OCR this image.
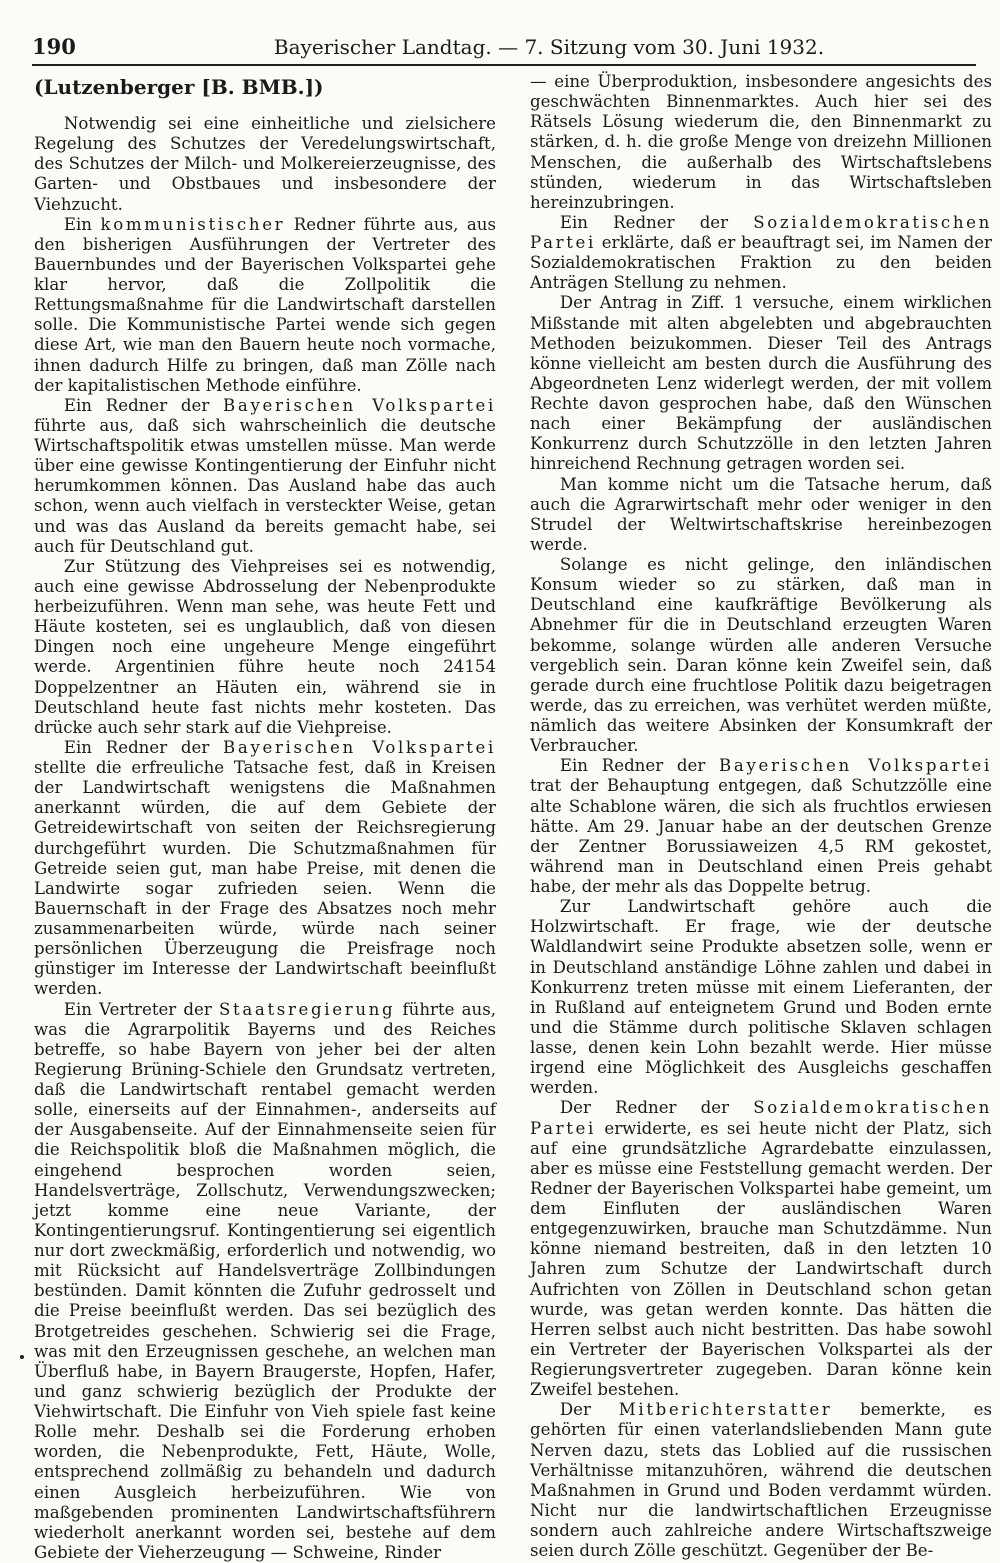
190	Bayerischer Landtag. — 7. Sitzung vom 30. Juni 1932.
(Lutzenberger [B. BMB.])

Notwendig sei eine einheitliche und zielsichere Regelung des Schutzes der Veredelungswirtschaft, des Schutzes der Milch- und Molkereierzeugnisse, des Garten- und Obstbaues und insbesondere der Viehzucht.

Ein kommunistischer Redner führte aus, aus den bisherigen Ausführungen der Vertreter des Bauernbundes und der Bayerischen Volkspartei gehe klar hervor, daß die Zollpolitik die Rettungsmaßnahme für die Landwirtschaft darstellen solle. Die Kommunistische Partei wende sich gegen diese Art, wie man den Bauern heute noch vormache, ihnen dadurch Hilfe zu bringen, daß man Zölle nach der kapitalistischen Methode einführe.

Ein Redner der Bayerischen Volkspartei führte aus, daß sich wahrscheinlich die deutsche Wirtschaftspolitik etwas umstellen müsse. Man werde über eine gewisse Kontingentierung der Einfuhr nicht herumkommen können. Das Ausland habe das auch schon, wenn auch vielfach in versteckter Weise, getan und was das Ausland da bereits gemacht habe, sei auch für Deutschland gut.

Zur Stützung des Viehpreises sei es notwendig, auch eine gewisse Abdrosselung der Nebenprodukte herbeizuführen. Wenn man sehe, was heute Fett und Häute kosteten, sei es unglaublich, daß von diesen Dingen noch eine ungeheure Menge eingeführt werde. Argentinien führe heute noch 24154 Doppelzentner an Häuten ein, während sie in Deutschland heute fast nichts mehr kosteten. Das drücke auch sehr stark auf die Viehpreise.

Ein Redner der Bayerischen Volkspartei stellte die erfreuliche Tatsache fest, daß in Kreisen der Landwirtschaft wenigstens die Maßnahmen anerkannt würden, die auf dem Gebiete der Getreidewirtschaft von seiten der Reichsregierung durchgeführt wurden. Die Schutzmaßnahmen für Getreide seien gut, man habe Preise, mit denen die Landwirte sogar zufrieden seien. Wenn die Bauernschaft in der Frage des Absatzes noch mehr zusammenarbeiten würde, würde nach seiner persönlichen Überzeugung die Preisfrage noch günstiger im Interesse der Landwirtschaft beeinflußt werden.

Ein Vertreter der Staatsregierung führte aus, was die Agrarpolitik Bayerns und des Reiches betreffe, so habe Bayern von jeher bei der alten Regierung Brüning-Schiele den Grundsatz vertreten, daß die Landwirtschaft rentabel gemacht werden solle, einerseits auf der Einnahmen-, anderseits auf der Ausgabenseite. Auf der Einnahmenseite seien für die Reichspolitik bloß die Maßnahmen möglich, die eingehend besprochen worden seien, Handelsverträge, Zollschutz, Verwendungszwecken; jetzt komme eine neue Variante, der Kontingentierungsruf. Kontingentierung sei eigentlich nur dort zweckmäßig, erforderlich und notwendig, wo mit Rücksicht auf Handelsverträge Zollbindungen bestünden. Damit könnten die Zufuhr gedrosselt und die Preise beeinflußt werden. Das sei bezüglich des Brotgetreides geschehen. Schwierig sei die Frage, was mit den Erzeugnissen geschehe, an welchen man Überfluß habe, in Bayern Braugerste, Hopfen, Hafer, und ganz schwierig bezüglich der Produkte der Viehwirtschaft. Die Einfuhr von Vieh spiele fast keine Rolle mehr. Deshalb sei die Forderung erhoben worden, die Nebenprodukte, Fett, Häute, Wolle, entsprechend zollmäßig zu behandeln und dadurch einen Ausgleich herbeizuführen. Wie von maßgebenden prominenten Landwirtschaftsführern wiederholt anerkannt worden sei, bestehe auf dem Gebiete der Vieherzeugung — Schweine, Rinder

— eine Überproduktion, insbesondere angesichts des geschwächten Binnenmarktes. Auch hier sei des Rätsels Lösung wiederum die, den Binnenmarkt zu stärken, d. h. die große Menge von dreizehn Millionen Menschen, die außerhalb des Wirtschaftslebens stünden, wiederum in das Wirtschaftsleben hereinzubringen.

Ein Redner der Sozialdemokratischen Partei erklärte, daß er beauftragt sei, im Namen der Sozialdemokratischen Fraktion zu den beiden Anträgen Stellung zu nehmen.

Der Antrag in Ziff. 1 versuche, einem wirklichen Mißstande mit alten abgelebten und abgebrauchten Methoden beizukommen. Dieser Teil des Antrags könne vielleicht am besten durch die Ausführung des Abgeordneten Lenz widerlegt werden, der mit vollem Rechte davon gesprochen habe, daß den Wünschen nach einer Bekämpfung der ausländischen Konkurrenz durch Schutzzölle in den letzten Jahren hinreichend Rechnung getragen worden sei.

Man komme nicht um die Tatsache herum, daß auch die Agrarwirtschaft mehr oder weniger in den Strudel der Weltwirtschaftskrise hereinbezogen werde.

Solange es nicht gelinge, den inländischen Konsum wieder so zu stärken, daß man in Deutschland eine kaufkräftige Bevölkerung als Abnehmer für die in Deutschland erzeugten Waren bekomme, solange würden alle anderen Versuche vergeblich sein. Daran könne kein Zweifel sein, daß gerade durch eine fruchtlose Politik dazu beigetragen werde, das zu erreichen, was verhütet werden müßte, nämlich das weitere Absinken der Konsumkraft der Verbraucher.

Ein Redner der Bayerischen Volkspartei trat der Behauptung entgegen, daß Schutzzölle eine alte Schablone wären, die sich als fruchtlos erwiesen hätte. Am 29. Januar habe an der deutschen Grenze der Zentner Borussiaweizen 4,5 RM gekostet, während man in Deutschland einen Preis gehabt habe, der mehr als das Doppelte betrug.

Zur Landwirtschaft gehöre auch die Holzwirtschaft. Er frage, wie der deutsche Waldlandwirt seine Produkte absetzen solle, wenn er in Deutschland anständige Löhne zahlen und dabei in Konkurrenz treten müsse mit einem Lieferanten, der in Rußland auf enteignetem Grund und Boden ernte und die Stämme durch politische Sklaven schlagen lasse, denen kein Lohn bezahlt werde. Hier müsse irgend eine Möglichkeit des Ausgleichs geschaffen werden.

Der Redner der Sozialdemokratischen Partei erwiderte, es sei heute nicht der Platz, sich auf eine grundsätzliche Agrardebatte einzulassen, aber es müsse eine Feststellung gemacht werden. Der Redner der Bayerischen Volkspartei habe gemeint, um dem Einfluten der ausländischen Waren entgegenzuwirken, brauche man Schutzdämme. Nun könne niemand bestreiten, daß in den letzten 10 Jahren zum Schutze der Landwirtschaft durch Aufrichten von Zöllen in Deutschland schon getan wurde, was getan werden konnte. Das hätten die Herren selbst auch nicht bestritten. Das habe sowohl ein Vertreter der Bayerischen Volkspartei als der Regierungsvertreter zugegeben. Daran könne kein Zweifel bestehen.

Der Mitberichterstatter bemerkte, es gehörten für einen vaterlandsliebenden Mann gute Nerven dazu, stets das Loblied auf die russischen Verhältnisse mitanzuhören, während die deutschen Maßnahmen in Grund und Boden verdammt würden. Nicht nur die landwirtschaftlichen Erzeugnisse sondern auch zahlreiche andere Wirtschaftszweige seien durch Zölle geschützt. Gegenüber der Be-
